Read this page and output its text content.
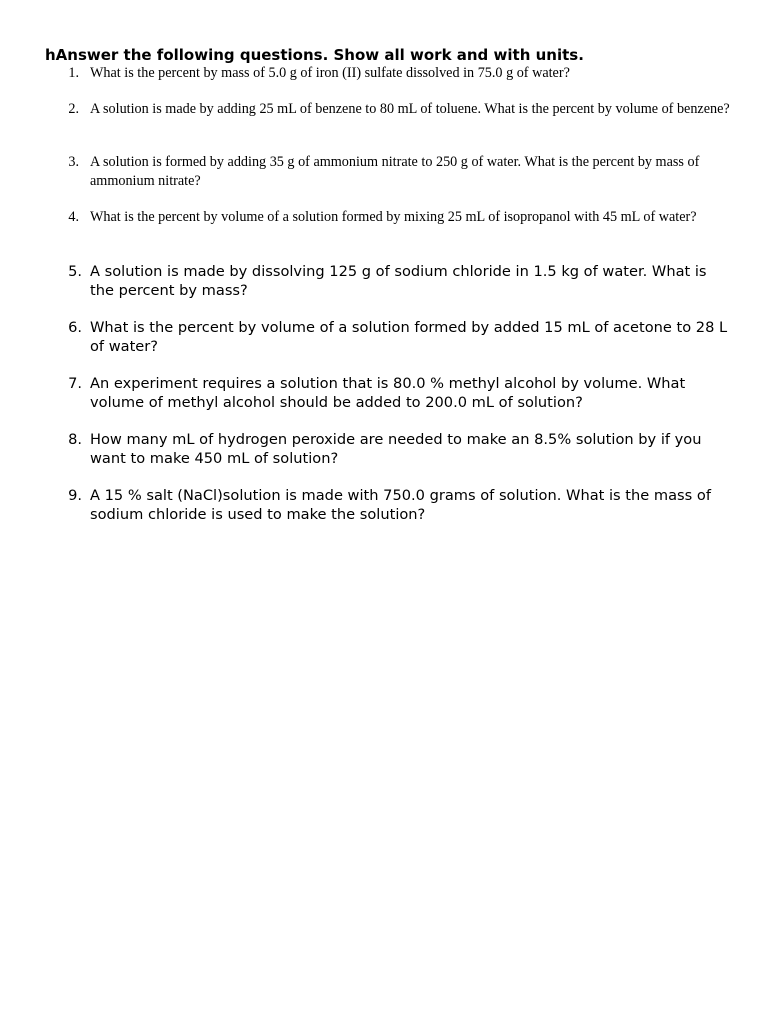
hAnswer the following questions. Show all work and with units.
1. What is the percent by mass of 5.0 g of iron (II) sulfate dissolved in 75.0 g of water?
2. A solution is made by adding 25 mL of benzene to 80 mL of toluene. What is the percent by volume of benzene?
3. A solution is formed by adding 35 g of ammonium nitrate to 250 g of water. What is the percent by mass of ammonium nitrate?
4. What is the percent by volume of a solution formed by mixing 25 mL of isopropanol with 45 mL of water?
5. A solution is made by dissolving 125 g of sodium chloride in 1.5 kg of water. What is the percent by mass?
6. What is the percent by volume of a solution formed by added 15 mL of acetone to 28 L of water?
7. An experiment requires a solution that is 80.0 % methyl alcohol by volume. What volume of methyl alcohol should be added to 200.0 mL of solution?
8. How many mL of hydrogen peroxide are needed to make an 8.5% solution by if you want to make 450 mL of solution?
9. A 15 % salt (NaCl)solution is made with 750.0 grams of solution. What is the mass of sodium chloride is used to make the solution?
